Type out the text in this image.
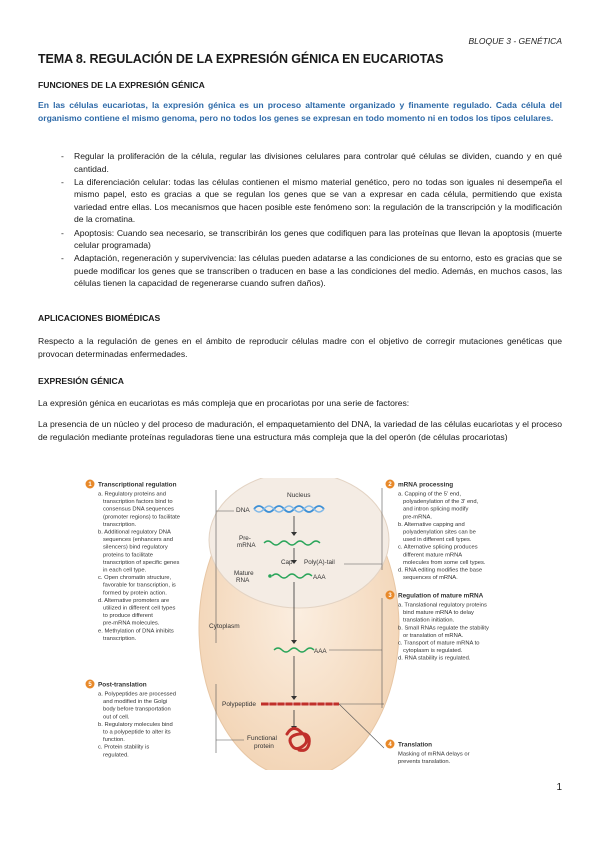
BLOQUE 3 - GENÉTICA
TEMA 8. REGULACIÓN DE LA EXPRESIÓN GÉNICA EN EUCARIOTAS
FUNCIONES DE LA EXPRESIÓN GÉNICA
En las células eucariotas, la expresión génica es un proceso altamente organizado y finamente regulado. Cada célula del organismo contiene el mismo genoma, pero no todos los genes se expresan en todo momento ni en todos los tipos celulares.
- Regular la proliferación de la célula, regular las divisiones celulares para controlar qué células se dividen, cuando y en qué cantidad.
- La diferenciación celular: todas las células contienen el mismo material genético, pero no todas son iguales ni desempeña el mismo papel, esto es gracias a que se regulan los genes que se van a expresar en cada célula, permitiendo que exista variedad entre ellas. Los mecanismos que hacen posible este fenómeno son: la regulación de la transcripción y la modificación de la cromatina.
- Apoptosis: Cuando sea necesario, se transcribirán los genes que codifiquen para las proteínas que llevan la apoptosis (muerte celular programada)
- Adaptación, regeneración y supervivencia: las células pueden adatarse a las condiciones de su entorno, esto es gracias que se puede modificar los genes que se transcriben o traducen en base a las condiciones del medio. Además, en muchos casos, las células tienen la capacidad de regenerarse cuando sufren daños).
APLICACIONES BIOMÉDICAS
Respecto a la regulación de genes en el ámbito de reproducir células madre con el objetivo de corregir mutaciones genéticas que provocan determinadas enfermedades.
EXPRESIÓN GÉNICA
La expresión génica en eucariotas es más compleja que en procariotas por una serie de factores:
La presencia de un núcleo y del proceso de maduración, el empaquetamiento del DNA, la variedad de las células eucariotas y el proceso de regulación mediante proteínas reguladoras tiene una estructura más compleja que la del operón (de células procariotas)
Nucleus
DNA
Pre-
mRNA
Cap Poly(A)-tail
Mature
RNA	AAA
Cytoplasm
AAA
Polypeptide
Functional
protein
1 Transcriptional regulation
a. Regulatory proteins and
transcription factors bind to
consensus DNA sequences
(promoter regions) to facilitate
transcription.
b. Additional regulatory DNA
sequences (enhancers and
silencers) bind regulatory
proteins to facilitate
transcription of specific genes
in each cell type.
c. Open chromatin structure,
favorable for transcription, is
formed by protein action.
d. Alternative promoters are
utilized in different cell types
to produce different
pre-mRNA molecules.
e. Methylation of DNA inhibits
transcription.
5 Post-translation
a. Polypeptides are processed
and modified in the Golgi
body before transportation
out of cell.
b. Regulatory molecules bind
to a polypeptide to alter its
function.
c. Protein stability is
regulated.
2 mRNA processing
a. Capping of the 5' end,
polyadenylation of the 3' end,
and intron splicing modify
pre-mRNA.
b. Alternative capping and
polyadenylation sites can be
used in different cell types.
c. Alternative splicing produces
different mature mRNA
molecules from some cell types.
d. RNA editing modifies the base
sequences of mRNA.
3 Regulation of mature mRNA
a. Translational regulatory proteins
bind mature mRNA to delay
translation initiation.
b. Small RNAs regulate the stability
or translation of mRNA.
c. Transport of mature mRNA to
cytoplasm is regulated.
d. RNA stability is regulated.
4 Translation
Masking of mRNA delays or
prevents translation.
1
